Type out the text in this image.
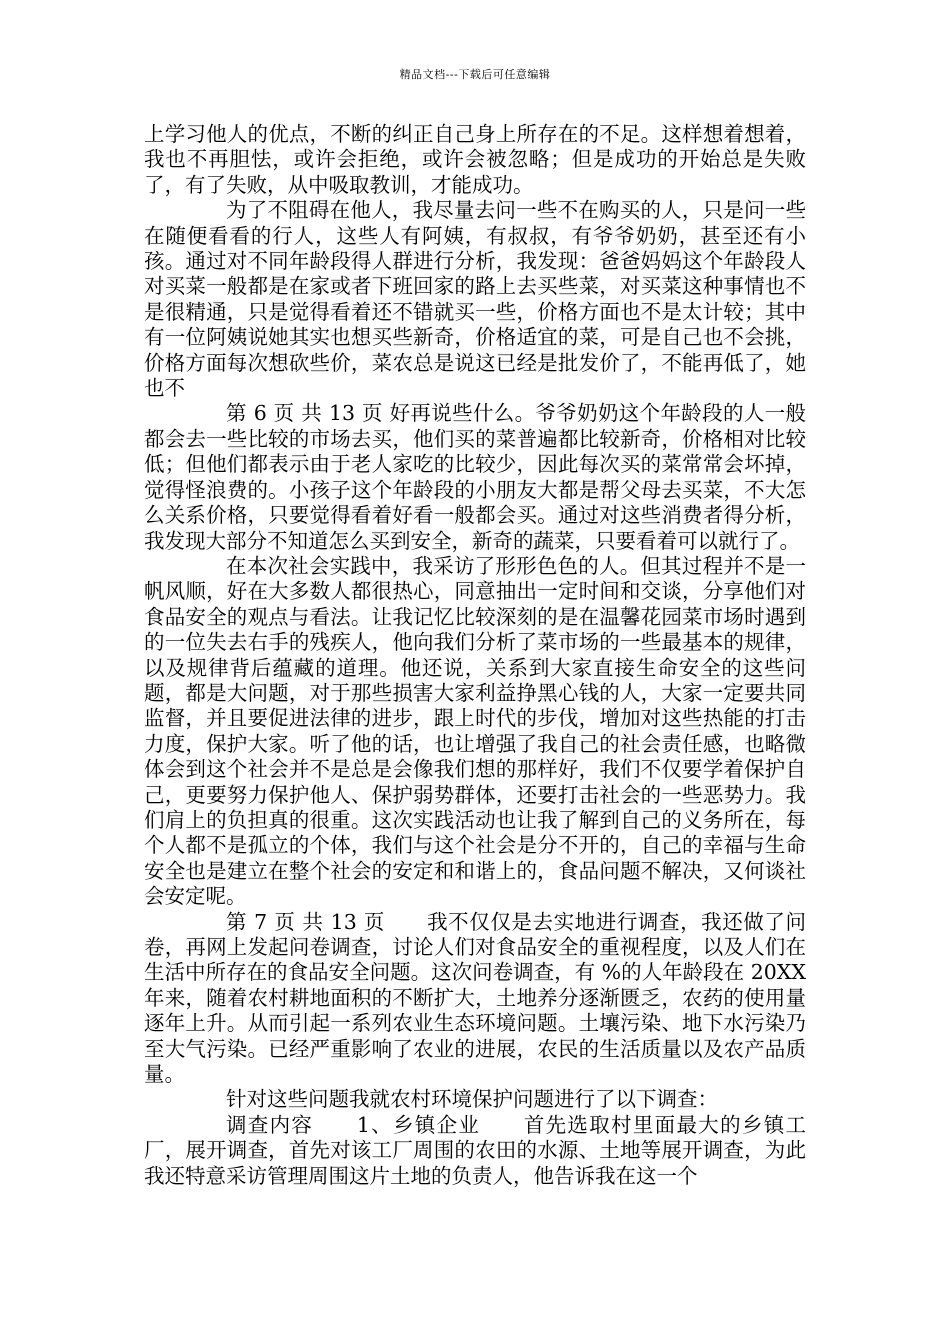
精品文档---下载后可任意编辑

上学习他人的优点，不断的纠正自己身上所存在的不足。这样想着想着，我也不再胆怯，或许会拒绝，或许会被忽略；但是成功的开始总是失败了，有了失败，从中吸取教训，才能成功。

为了不阻碍在他人，我尽量去问一些不在购买的人，只是问一些在随便看看的行人，这些人有阿姨，有叔叔，有爷爷奶奶，甚至还有小孩。通过对不同年龄段得人群进行分析，我发现：爸爸妈妈这个年龄段人对买菜一般都是在家或者下班回家的路上去买些菜，对买菜这种事情也不是很精通，只是觉得看着还不错就买一些，价格方面也不是太计较；其中有一位阿姨说她其实也想买些新奇，价格适宜的菜，可是自己也不会挑，价格方面每次想砍些价，菜农总是说这已经是批发价了，不能再低了，她也不

第 6 页 共 13 页 好再说些什么。爷爷奶奶这个年龄段的人一般都会去一些比较的市场去买，他们买的菜普遍都比较新奇，价格相对比较低；但他们都表示由于老人家吃的比较少，因此每次买的菜常常会坏掉，觉得怪浪费的。小孩子这个年龄段的小朋友大都是帮父母去买菜，不大怎么关系价格，只要觉得看着好看一般都会买。通过对这些消费者得分析，我发现大部分不知道怎么买到安全，新奇的蔬菜，只要看着可以就行了。

在本次社会实践中，我采访了形形色色的人。但其过程并不是一帆风顺，好在大多数人都很热心，同意抽出一定时间和交谈，分享他们对食品安全的观点与看法。让我记忆比较深刻的是在温馨花园菜市场时遇到的一位失去右手的残疾人，他向我们分析了菜市场的一些最基本的规律，以及规律背后蕴藏的道理。他还说，关系到大家直接生命安全的这些问题，都是大问题，对于那些损害大家利益挣黑心钱的人，大家一定要共同监督，并且要促进法律的进步，跟上时代的步伐，增加对这些热能的打击力度，保护大家。听了他的话，也让增强了我自己的社会责任感，也略微体会到这个社会并不是总是会像我们想的那样好，我们不仅要学着保护自己，更要努力保护他人、保护弱势群体，还要打击社会的一些恶势力。我们肩上的负担真的很重。这次实践活动也让我了解到自己的义务所在，每个人都不是孤立的个体，我们与这个社会是分不开的，自己的幸福与生命安全也是建立在整个社会的安定和和谐上的，食品问题不解决，又何谈社会安定呢。

第 7 页 共 13 页　　我不仅仅是去实地进行调查，我还做了问卷，再网上发起问卷调查，讨论人们对食品安全的重视程度，以及人们在生活中所存在的食品安全问题。这次问卷调查，有 %的人年龄段在 20XX 年来，随着农村耕地面积的不断扩大，土地养分逐渐匮乏，农药的使用量逐年上升。从而引起一系列农业生态环境问题。土壤污染、地下水污染乃至大气污染。已经严重影响了农业的进展，农民的生活质量以及农产品质量。

针对这些问题我就农村环境保护问题进行了以下调查：

调查内容　　1、乡镇企业　　首先选取村里面最大的乡镇工厂，展开调查，首先对该工厂周围的农田的水源、土地等展开调查，为此我还特意采访管理周围这片土地的负责人，他告诉我在这一个
